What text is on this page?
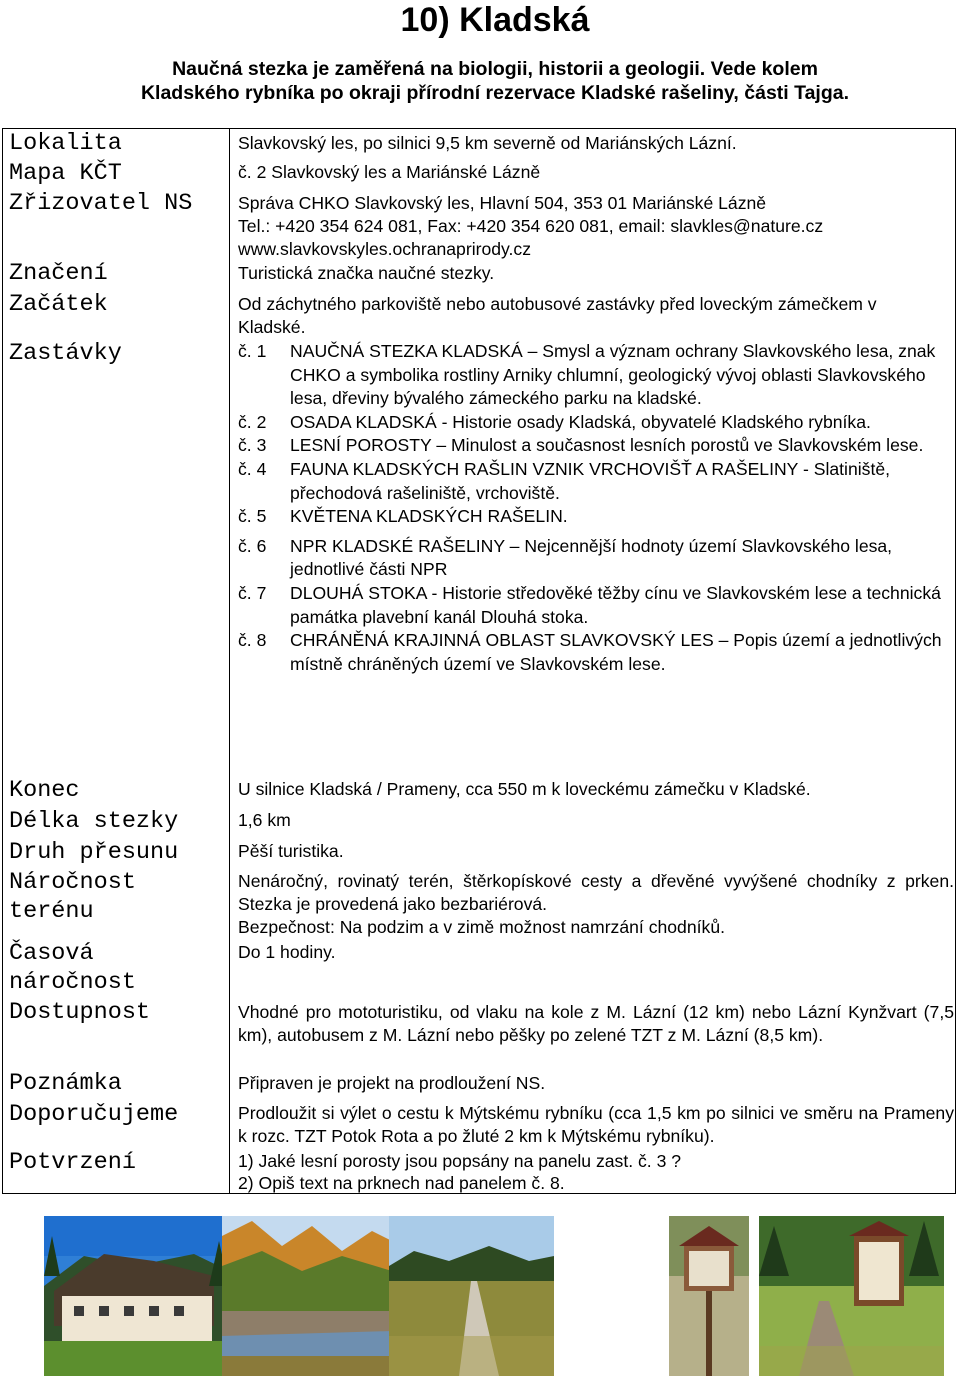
10) Kladská
Naučná stezka je zaměřená na biologii, historii a geologii. Vede kolem
Kladského rybníka po okraji přírodní rezervace Kladské rašeliny, části Tajga.
Lokalita
Mapa KČT
Zřizovatel NS
Značení
Začátek
Zastávky
Konec
Délka stezky
Druh přesunu
Náročnost
terénu
Časová
náročnost
Dostupnost
Poznámka
Doporučujeme
Potvrzení
Slavkovský les, po silnici 9,5 km severně od Mariánských Lázní.
č. 2 Slavkovský les a Mariánské Lázně
Správa CHKO Slavkovský les, Hlavní 504, 353 01 Mariánské Lázně
Tel.: +420 354 624 081, Fax: +420 354 620 081, email: slavkles@nature.cz
www.slavkovskyles.ochranaprirody.cz
Turistická značka naučné stezky.
Od záchytného parkoviště nebo autobusové zastávky před loveckým zámečkem v Kladské.
č. 1 NAUČNÁ STEZKA KLADSKÁ – Smysl a význam ochrany Slavkovského lesa, znak CHKO a symbolika rostliny Arniky chlumní, geologický vývoj oblasti Slavkovského lesa, dřeviny bývalého zámeckého parku na kladské.
č. 2 OSADA KLADSKÁ - Historie osady Kladská, obyvatelé Kladského rybníka.
č. 3 LESNÍ POROSTY – Minulost a současnost lesních porostů ve Slavkovském lese.
č. 4 FAUNA KLADSKÝCH RAŠLIN VZNIK VRCHOVIŠŤ A RAŠELINY - Slatiniště, přechodová rašeliniště, vrchoviště.
č. 5 KVĚTENA KLADSKÝCH RAŠELIN.
č. 6 NPR KLADSKÉ RAŠELINY – Nejcennější hodnoty území Slavkovského lesa, jednotlivé části NPR
č. 7 DLOUHÁ STOKA - Historie středověké těžby cínu ve Slavkovském lese a technická památka plavební kanál Dlouhá stoka.
č. 8 CHRÁNĚNÁ KRAJINNÁ OBLAST SLAVKOVSKÝ LES – Popis území a jednotlivých místně chráněných území ve Slavkovském lese.
U silnice Kladská / Prameny, cca 550 m k loveckému zámečku v Kladské.
1,6 km
Pěší turistika.
Nenáročný, rovinatý terén, štěrkopískové cesty a dřevěné vyvýšené chodníky z prken. Stezka je provedená jako bezbariérová.
Bezpečnost: Na podzim a v zimě možnost namrzání chodníků.
Do 1 hodiny.
Vhodné pro mototuristiku, od vlaku na kole z M. Lázní (12 km) nebo Lázní Kynžvart (7,5 km), autobusem z M. Lázní nebo pěšky po zelené TZT z M. Lázní (8,5 km).
Připraven je projekt na prodloužení NS.
Prodloužit si výlet o cestu k Mýtskému rybníku (cca 1,5 km po silnici ve směru na Prameny k rozc. TZT Potok Rota a po žluté 2 km k Mýtskému rybníku).
1) Jaké lesní porosty jsou popsány na panelu zast. č. 3 ?
2) Opiš text na prknech nad panelem č. 8.
